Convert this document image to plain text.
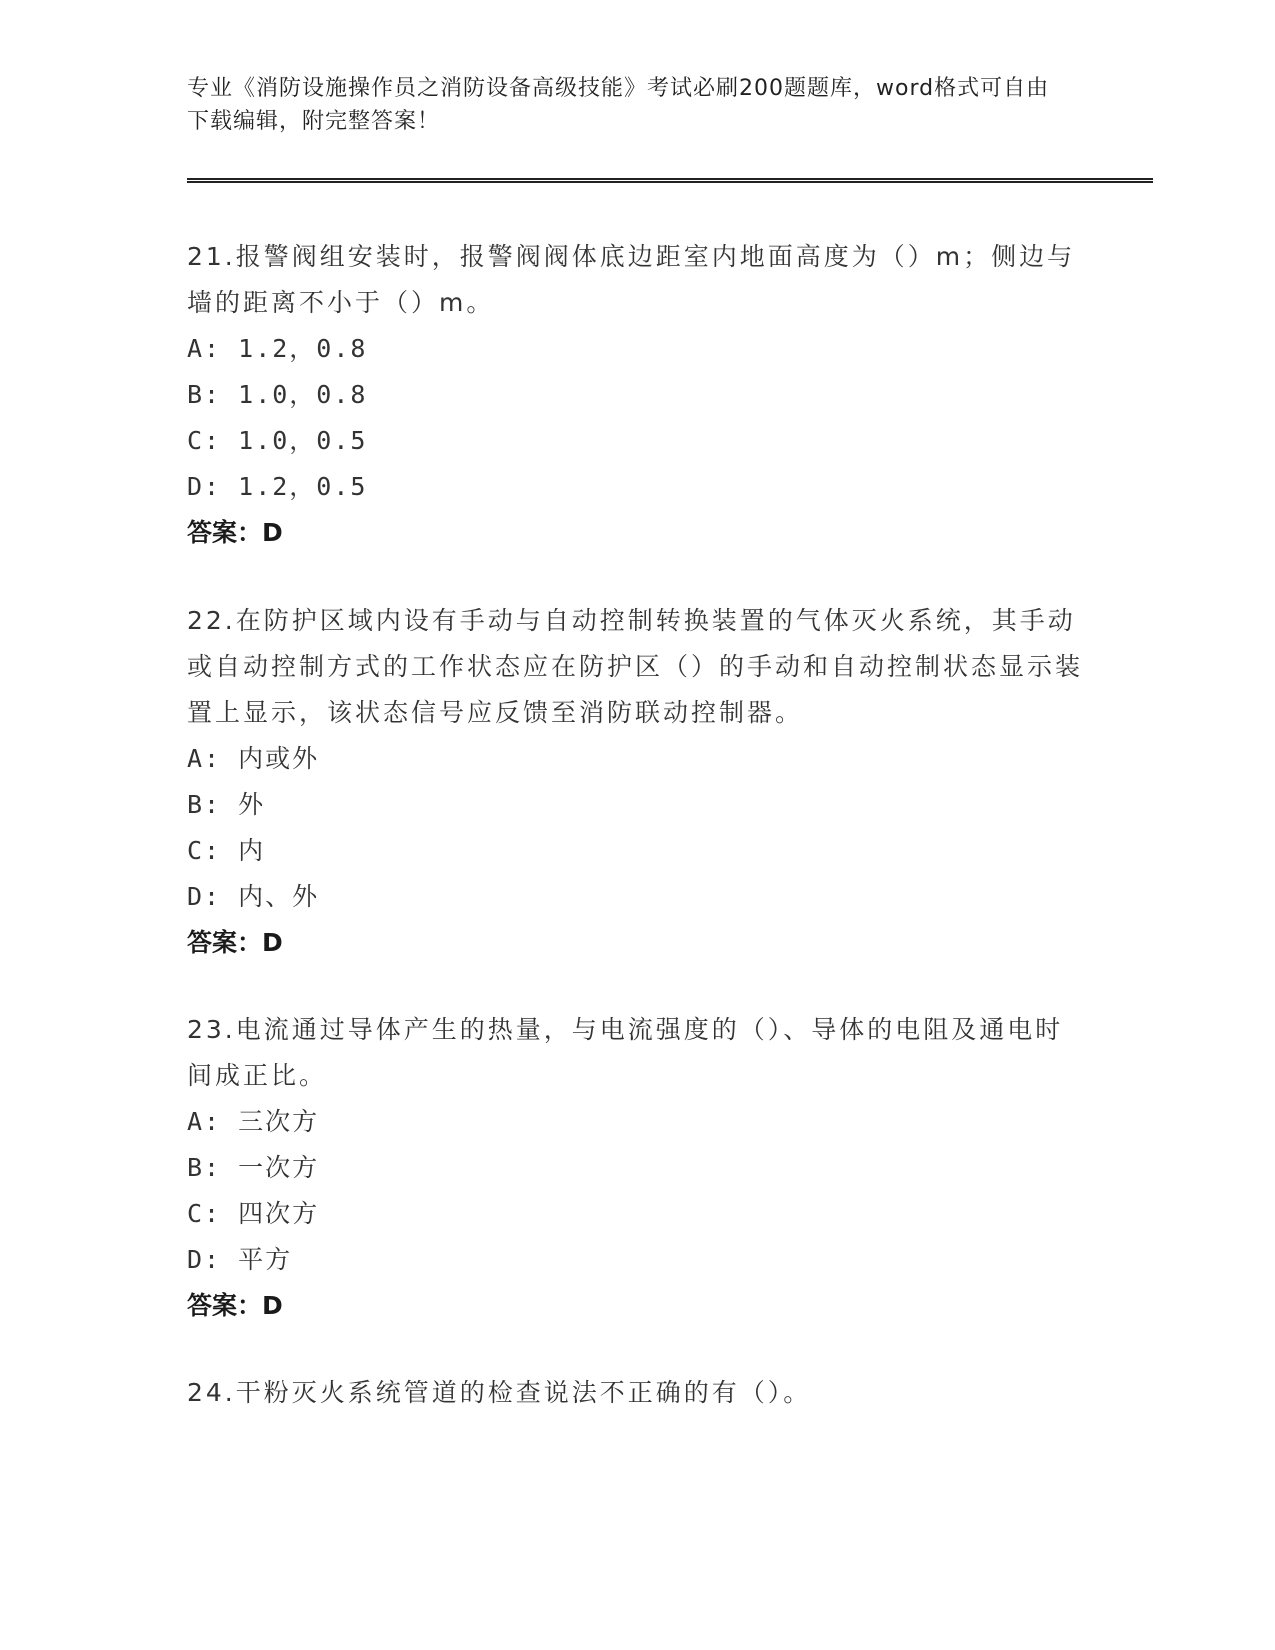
专业《消防设施操作员之消防设备高级技能》考试必刷200题题库，word格式可自由下载编辑，附完整答案！
21.报警阀组安装时，报警阀阀体底边距室内地面高度为（）m；侧边与墙的距离不小于（）m。
A: 1.2，0.8
B: 1.0，0.8
C: 1.0，0.5
D: 1.2，0.5
答案：D
22.在防护区域内设有手动与自动控制转换装置的气体灭火系统，其手动或自动控制方式的工作状态应在防护区（）的手动和自动控制状态显示装置上显示，该状态信号应反馈至消防联动控制器。
A: 内或外
B: 外
C: 内
D: 内、外
答案：D
23.电流通过导体产生的热量，与电流强度的（）、导体的电阻及通电时间成正比。
A: 三次方
B: 一次方
C: 四次方
D: 平方
答案：D
24.干粉灭火系统管道的检查说法不正确的有（）。
